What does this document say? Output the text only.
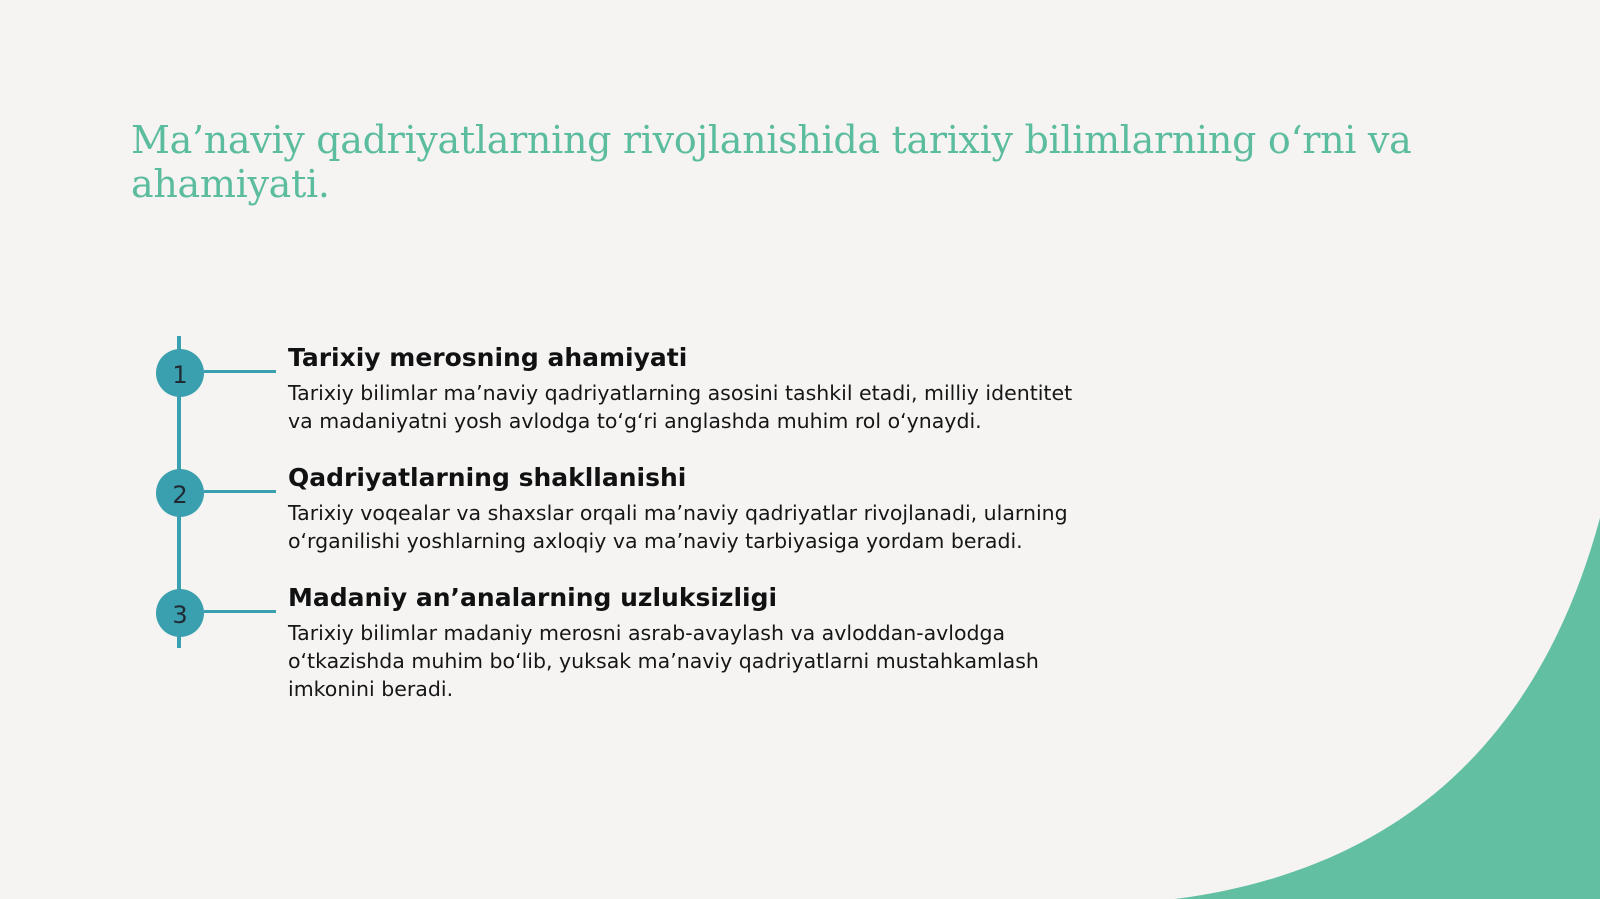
Ma’naviy qadriyatlarning rivojlanishida tarixiy bilimlarning o‘rni va ahamiyati.
1
Tarixiy merosning ahamiyati

Tarixiy bilimlar ma’naviy qadriyatlarning asosini tashkil etadi, milliy identitet va madaniyatni yosh avlodga to‘g‘ri anglashda muhim rol o‘ynaydi.

2
Qadriyatlarning shakllanishi

Tarixiy voqealar va shaxslar orqali ma’naviy qadriyatlar rivojlanadi, ularning o‘rganilishi yoshlarning axloqiy va ma’naviy tarbiyasiga yordam beradi.

3
Madaniy an’analarning uzluksizligi

Tarixiy bilimlar madaniy merosni asrab-avaylash va avloddan-avlodga o‘tkazishda muhim bo‘lib, yuksak ma’naviy qadriyatlarni mustahkamlash imkonini beradi.
